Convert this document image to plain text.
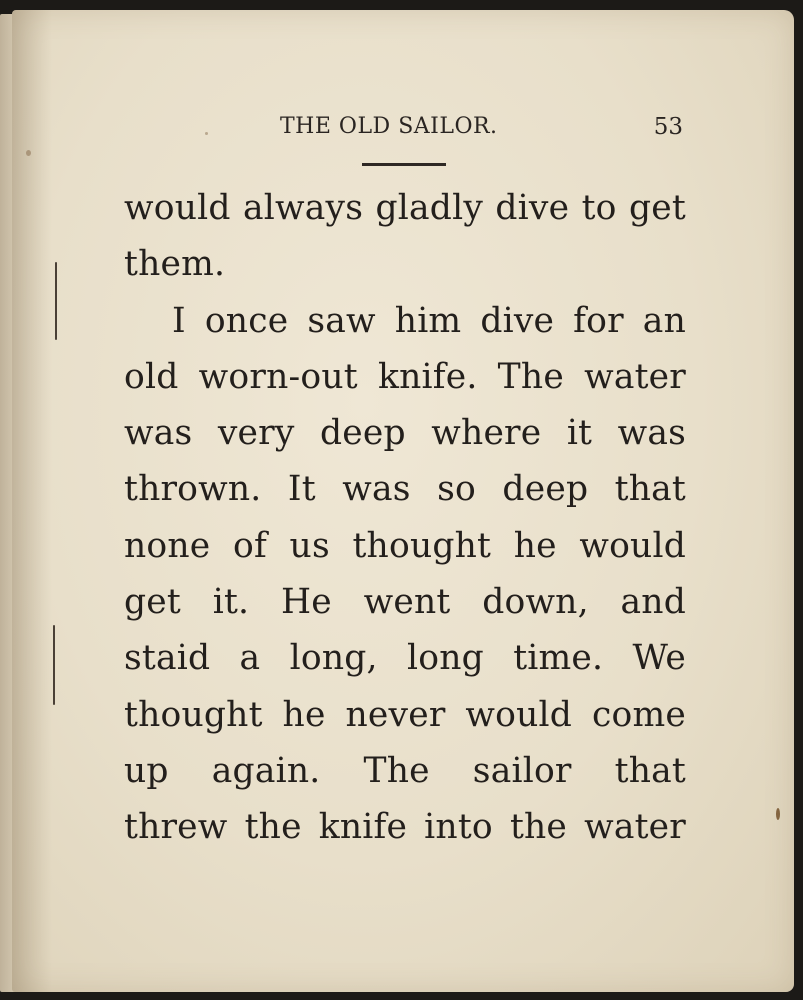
THE OLD SAILOR.	53
would always gladly dive to get
them.
I once saw him dive for an
old worn-out knife. The water
was very deep where it was
thrown. It was so deep that
none of us thought he would
get it. He went down, and
staid a long, long time. We
thought he never would come
up again. The sailor that
threw the knife into the water
